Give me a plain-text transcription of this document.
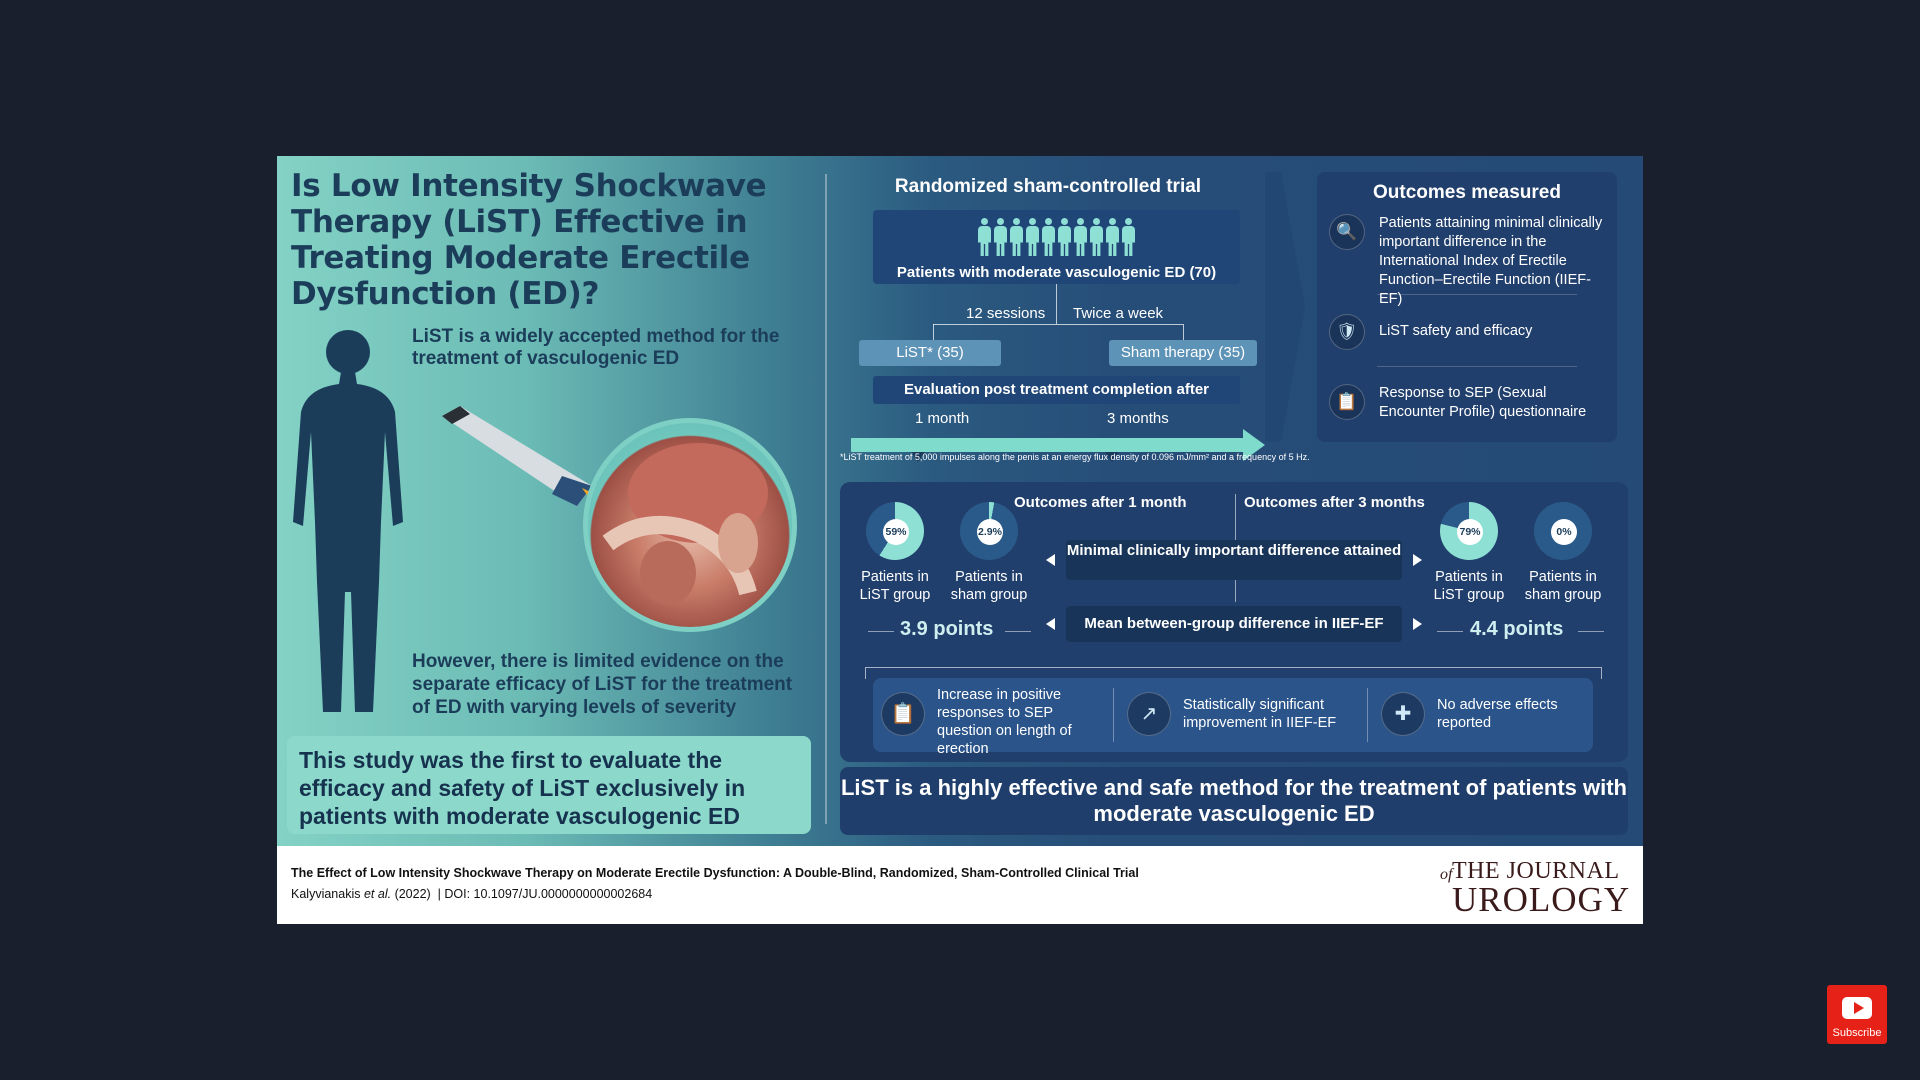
Is Low Intensity Shockwave Therapy (LiST) Effective in Treating Moderate Erectile Dysfunction (ED)?
LiST is a widely accepted method for the treatment of vasculogenic ED
However, there is limited evidence on the separate efficacy of LiST for the treatment of ED with varying levels of severity
This study was the first to evaluate the efficacy and safety of LiST exclusively in patients with moderate vasculogenic ED
Randomized sham-controlled trial
Patients with moderate vasculogenic ED (70)
12 sessions Twice a week
LiST* (35)	Sham therapy (35)
Evaluation post treatment completion after
1 month	3 months
*LiST treatment of 5,000 impulses along the penis at an energy flux density of 0.096 mJ/mm² and a frequency of 5 Hz.
Outcomes measured
🔍	Patients attaining minimal clinically important difference in the International Index of Erectile Function–Erectile Function (IIEF-EF)
🛡	LiST safety and efficacy
📋	Response to SEP (Sexual Encounter Profile) questionnaire
Outcomes after 1 month	Outcomes after 3 months
59%	2.9%	79%	0%
Patients in LiST group
Patients in sham group
Patients in LiST group
Patients in sham group
Minimal clinically important difference attained
Mean between-group difference in IIEF-EF
3.9 points	4.4 points
📋
Increase in positive responses to SEP question on length of erection
↗	Statistically significant improvement in IIEF-EF	✚	No adverse effects reported
LiST is a highly effective and safe method for the treatment of patients with moderate vasculogenic ED
The Effect of Low Intensity Shockwave Therapy on Moderate Erectile Dysfunction: A Double-Blind, Randomized, Sham-Controlled Clinical Trial
Kalyvianakis et al. (2022) | DOI: 10.1097/JU.0000000000002684
of THE JOURNAL
UROLOGY
Subscribe
